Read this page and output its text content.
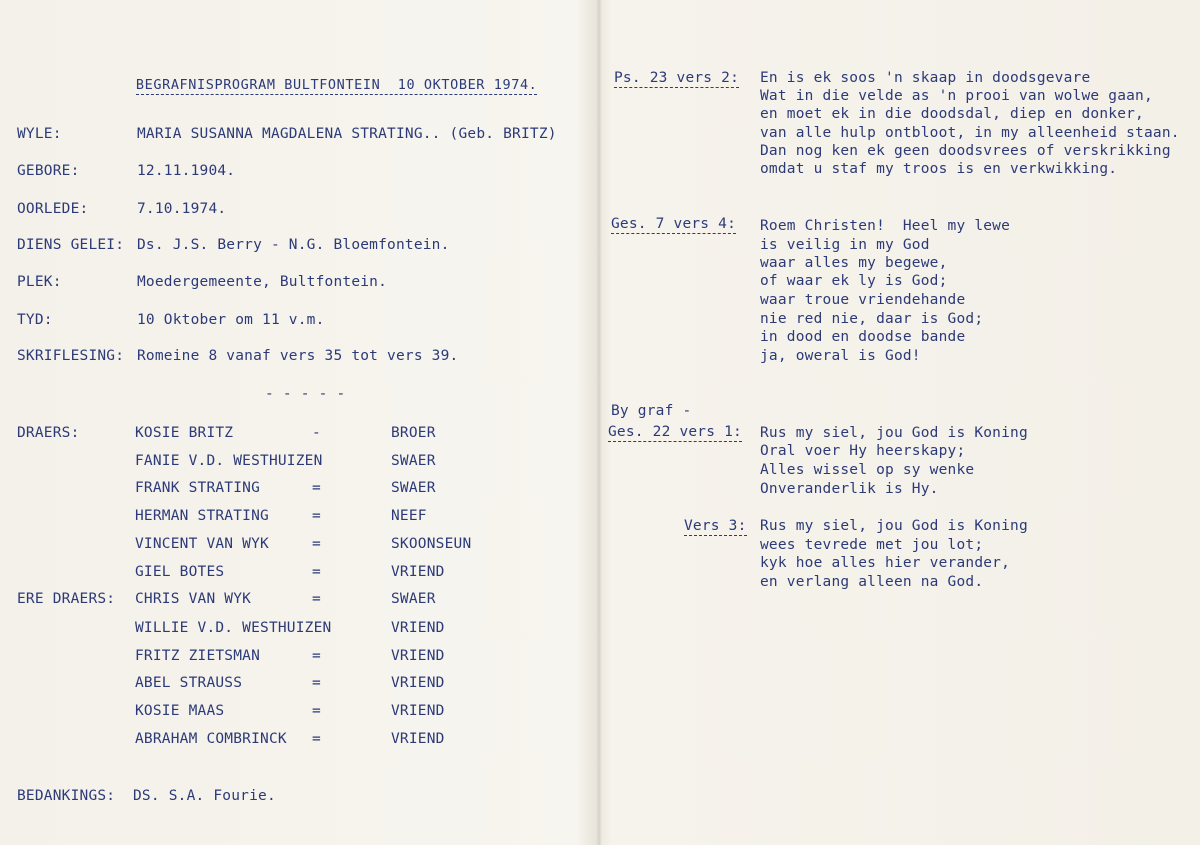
BEGRAFNISPROGRAM BULTFONTEIN  10 OKTOBER 1974.

WYLE:	MARIA SUSANNA MAGDALENA STRATING.. (Geb. BRITZ)
GEBORE:	12.11.1904.
OORLEDE:	7.10.1974.
DIENS GELEI: Ds. J.S. Berry - N.G. Bloemfontein.
PLEK:	Moedergemeente, Bultfontein.
TYD:	10 Oktober om 11 v.m.
SKRIFLESING: Romeine 8 vanaf vers 35 tot vers 39.
- - - - -
DRAERS:	KOSIE BRITZ	-	BROER
FANIE V.D. WESTHUIZEN	SWAER
FRANK STRATING	=	SWAER
HERMAN STRATING	=	NEEF
VINCENT VAN WYK	=	SKOONSEUN
GIEL BOTES	=	VRIEND
ERE DRAERS: CHRIS VAN WYK	=	SWAER
WILLIE V.D. WESTHUIZEN	VRIEND
FRITZ ZIETSMAN	=	VRIEND
ABEL STRAUSS	=	VRIEND
KOSIE MAAS	=	VRIEND
ABRAHAM COMBRINCK =	VRIEND
BEDANKINGS: DS. S.A. Fourie.
Ps. 23 vers 2: En is ek soos 'n skaap in doodsgevare
Wat in die velde as 'n prooi van wolwe gaan,
en moet ek in die doodsdal, diep en donker,
van alle hulp ontbloot, in my alleenheid staan.
Dan nog ken ek geen doodsvrees of verskrikking
omdat u staf my troos is en verkwikking.
Ges. 7 vers 4: Roem Christen!  Heel my lewe
is veilig in my God
waar alles my begewe,
of waar ek ly is God;
waar troue vriendehande
nie red nie, daar is God;
in dood en doodse bande
ja, oweral is God!
By graf -
Ges. 22 vers 1: Rus my siel, jou God is Koning
Oral voer Hy heerskapy;
Alles wissel op sy wenke
Onveranderlik is Hy.
Vers 3: Rus my siel, jou God is Koning
wees tevrede met jou lot;
kyk hoe alles hier verander,
en verlang alleen na God.
